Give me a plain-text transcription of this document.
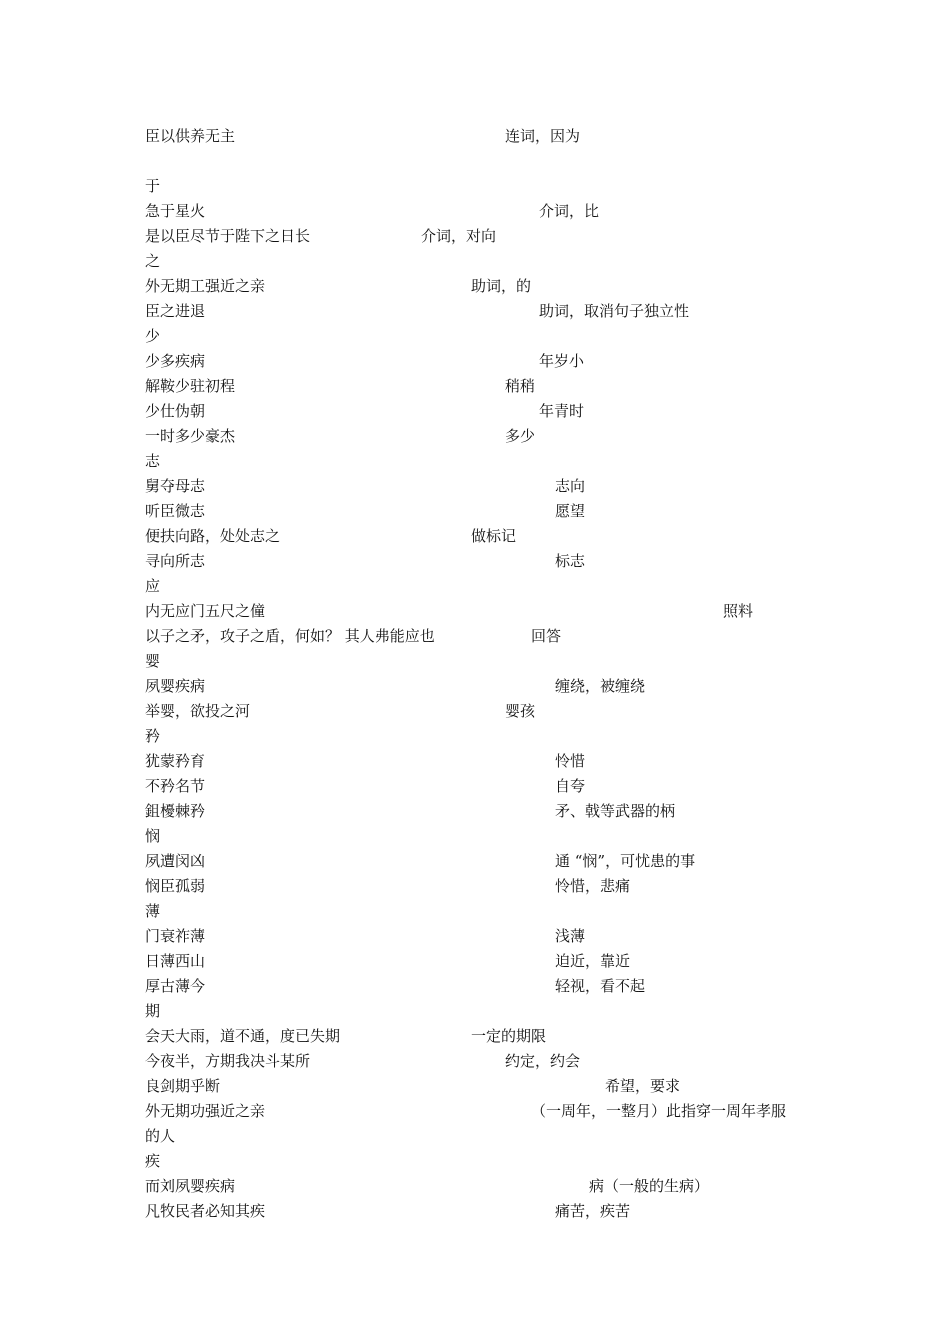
臣以供养无主	连词，因为
于
急于星火	介词，比
是以臣尽节于陛下之日长	介词，对向
之
外无期工强近之亲	助词，的
臣之进退	助词，取消句子独立性
少
少多疾病	年岁小
解鞍少驻初程	稍稍
少仕伪朝	年青时
一时多少豪杰	多少
志
舅夺母志	志向
听臣微志	愿望
便扶向路，处处志之	做标记
寻向所志	标志
应
内无应门五尺之僮	照料
以子之矛，攻子之盾，何如？ 其人弗能应也	回答
婴
夙婴疾病	缠绕，被缠绕
举婴，欲投之河	婴孩
矜
犹蒙矜育	怜惜
不矜名节	自夸
鉏櫌棘矜	矛、戟等武器的柄
悯
夙遭闵凶	通 “悯”，可忧患的事
悯臣孤弱	怜惜，悲痛
薄
门衰祚薄	浅薄
日薄西山	迫近，靠近
厚古薄今	轻视，看不起
期
会天大雨，道不通，度已失期	一定的期限
今夜半，方期我决斗某所	约定，约会
良剑期乎断	希望，要求
外无期功强近之亲	（一周年，一整月）此指穿一周年孝服
的人
疾
而刘夙婴疾病	病（一般的生病）
凡牧民者必知其疾	痛苦，疾苦
